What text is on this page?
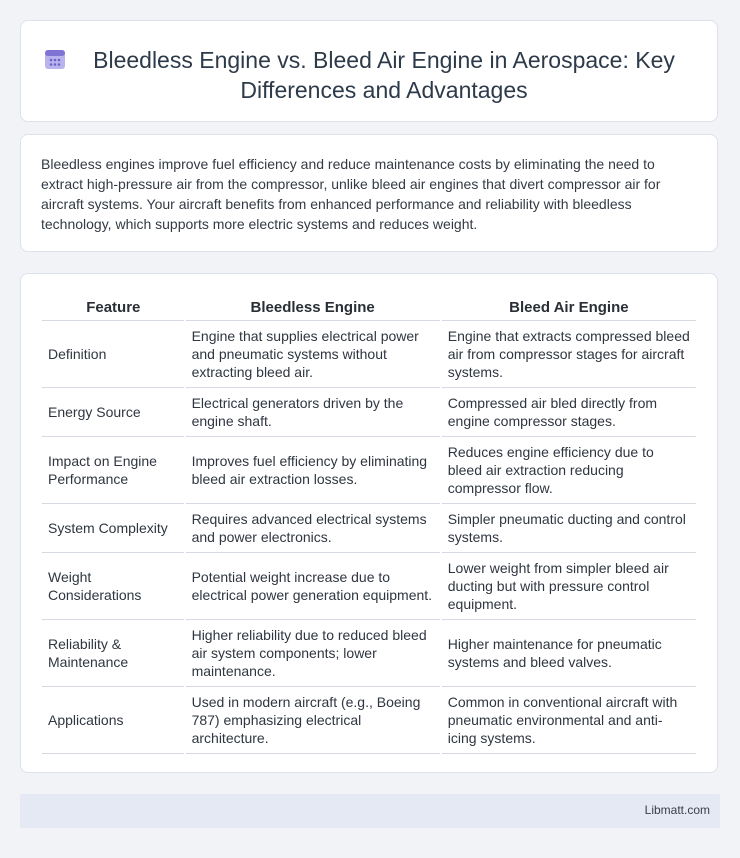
Bleedless Engine vs. Bleed Air Engine in Aerospace: Key Differences and Advantages

Bleedless engines improve fuel efficiency and reduce maintenance costs by eliminating the need to extract high-pressure air from the compressor, unlike bleed air engines that divert compressor air for aircraft systems. Your aircraft benefits from enhanced performance and reliability with bleedless technology, which supports more electric systems and reduces weight.

Feature	Bleedless Engine	Bleed Air Engine
Definition	Engine that supplies electrical power and pneumatic systems without extracting bleed air.	Engine that extracts compressed bleed air from compressor stages for aircraft systems.
Energy Source	Electrical generators driven by the engine shaft.	Compressed air bled directly from engine compressor stages.
Impact on Engine Performance	Improves fuel efficiency by eliminating bleed air extraction losses.	Reduces engine efficiency due to bleed air extraction reducing compressor flow.
System Complexity	Requires advanced electrical systems and power electronics.	Simpler pneumatic ducting and control systems.
Weight Considerations	Potential weight increase due to electrical power generation equipment.	Lower weight from simpler bleed air ducting but with pressure control equipment.
Reliability & Maintenance	Higher reliability due to reduced bleed air system components; lower maintenance.	Higher maintenance for pneumatic systems and bleed valves.
Applications	Used in modern aircraft (e.g., Boeing 787) emphasizing electrical architecture.	Common in conventional aircraft with pneumatic environmental and anti-icing systems.
Libmatt.com
